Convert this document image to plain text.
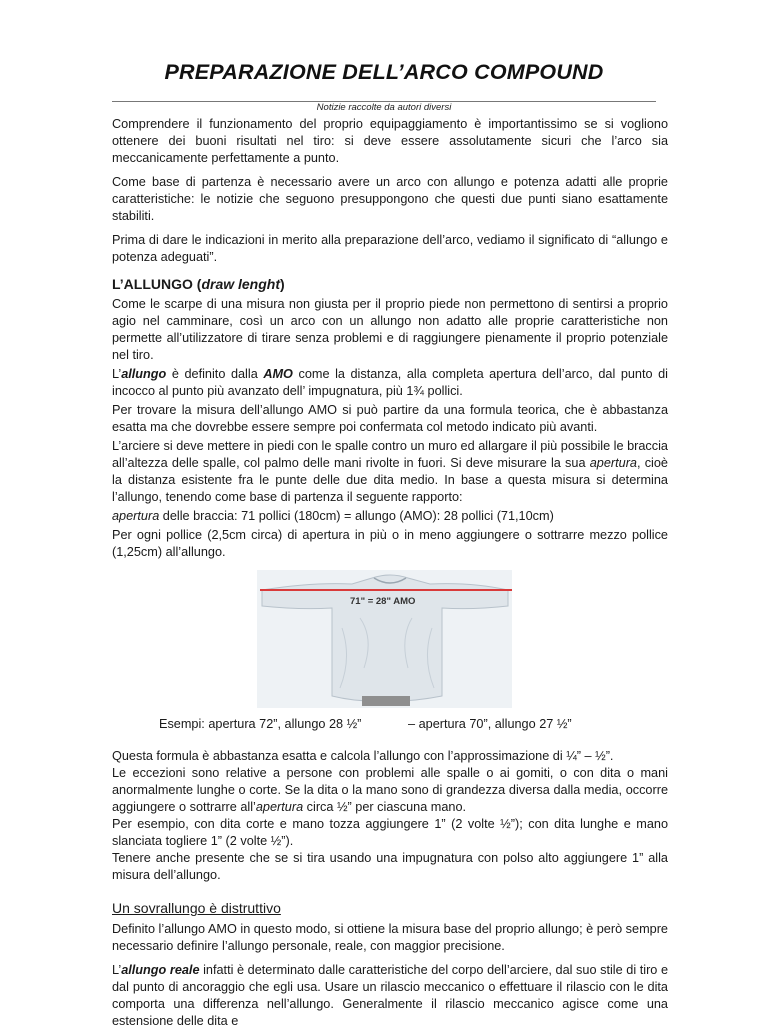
PREPARAZIONE DELL’ARCO COMPOUND
Notizie raccolte da autori diversi

Comprendere il funzionamento del proprio equipaggiamento è importantissimo se si vogliono ottenere dei buoni risultati nel tiro: si deve essere assolutamente sicuri che l’arco sia meccanicamente perfettamente a punto.

Come base di partenza è necessario avere un arco con allungo e potenza adatti alle proprie caratteristiche: le notizie che seguono presuppongono che questi due punti siano esattamente stabiliti.

Prima di dare le indicazioni in merito alla preparazione dell’arco, vediamo il significato di “allungo e potenza adeguati”.

L’ALLUNGO (draw lenght)

Come le scarpe di una misura non giusta per il proprio piede non permettono di sentirsi a proprio agio nel camminare, così un arco con un allungo non adatto alle proprie caratteristiche non permette all’utilizzatore di tirare senza problemi e di raggiungere pienamente il proprio potenziale nel tiro.

L’allungo è definito dalla AMO come la distanza, alla completa apertura dell’arco, dal punto di incocco al punto più avanzato dell’ impugnatura, più 1¾ pollici.

Per trovare la misura dell’allungo AMO si può partire da una formula teorica, che è abbastanza esatta ma che dovrebbe essere sempre poi confermata col metodo indicato più avanti.

L’arciere si deve mettere in piedi con le spalle contro un muro ed allargare il più possibile le braccia all’altezza delle spalle, col palmo delle mani rivolte in fuori. Si deve misurare la sua apertura, cioè la distanza esistente fra le punte delle due dita medio. In base a questa misura si determina l’allungo, tenendo come base di partenza il seguente rapporto:

apertura delle braccia: 71 pollici (180cm) = allungo (AMO): 28 pollici (71,10cm)

Per ogni pollice (2,5cm circa) di apertura in più o in meno aggiungere o sottrarre mezzo pollice (1,25cm) all’allungo.

71" = 28" AMO
Esempi: apertura 72”, allungo 28 ½”	– apertura 70”, allungo 27 ½”

Questa formula è abbastanza esatta e calcola l’allungo con l’approssimazione di ¼” – ½”.

Le eccezioni sono relative a persone con problemi alle spalle o ai gomiti, o con dita o mani anormalmente lunghe o corte. Se la dita o la mano sono di grandezza diversa dalla media, occorre aggiungere o sottrarre all’apertura circa ½” per ciascuna mano.

Per esempio, con dita corte e mano tozza aggiungere 1” (2 volte ½”); con dita lunghe e mano slanciata togliere 1” (2 volte ½”).

Tenere anche presente che se si tira usando una impugnatura con polso alto aggiungere 1” alla misura dell’allungo.

Un sovrallungo è distruttivo

Definito l’allungo AMO in questo modo, si ottiene la misura base del proprio allungo; è però sempre necessario definire l’allungo personale, reale, con maggior precisione.

L’allungo reale infatti è determinato dalle caratteristiche del corpo dell’arciere, dal suo stile di tiro e dal punto di ancoraggio che egli usa. Usare un rilascio meccanico o effettuare il rilascio con le dita comporta una differenza nell’allungo. Generalmente il rilascio meccanico agisce come una estensione delle dita e
